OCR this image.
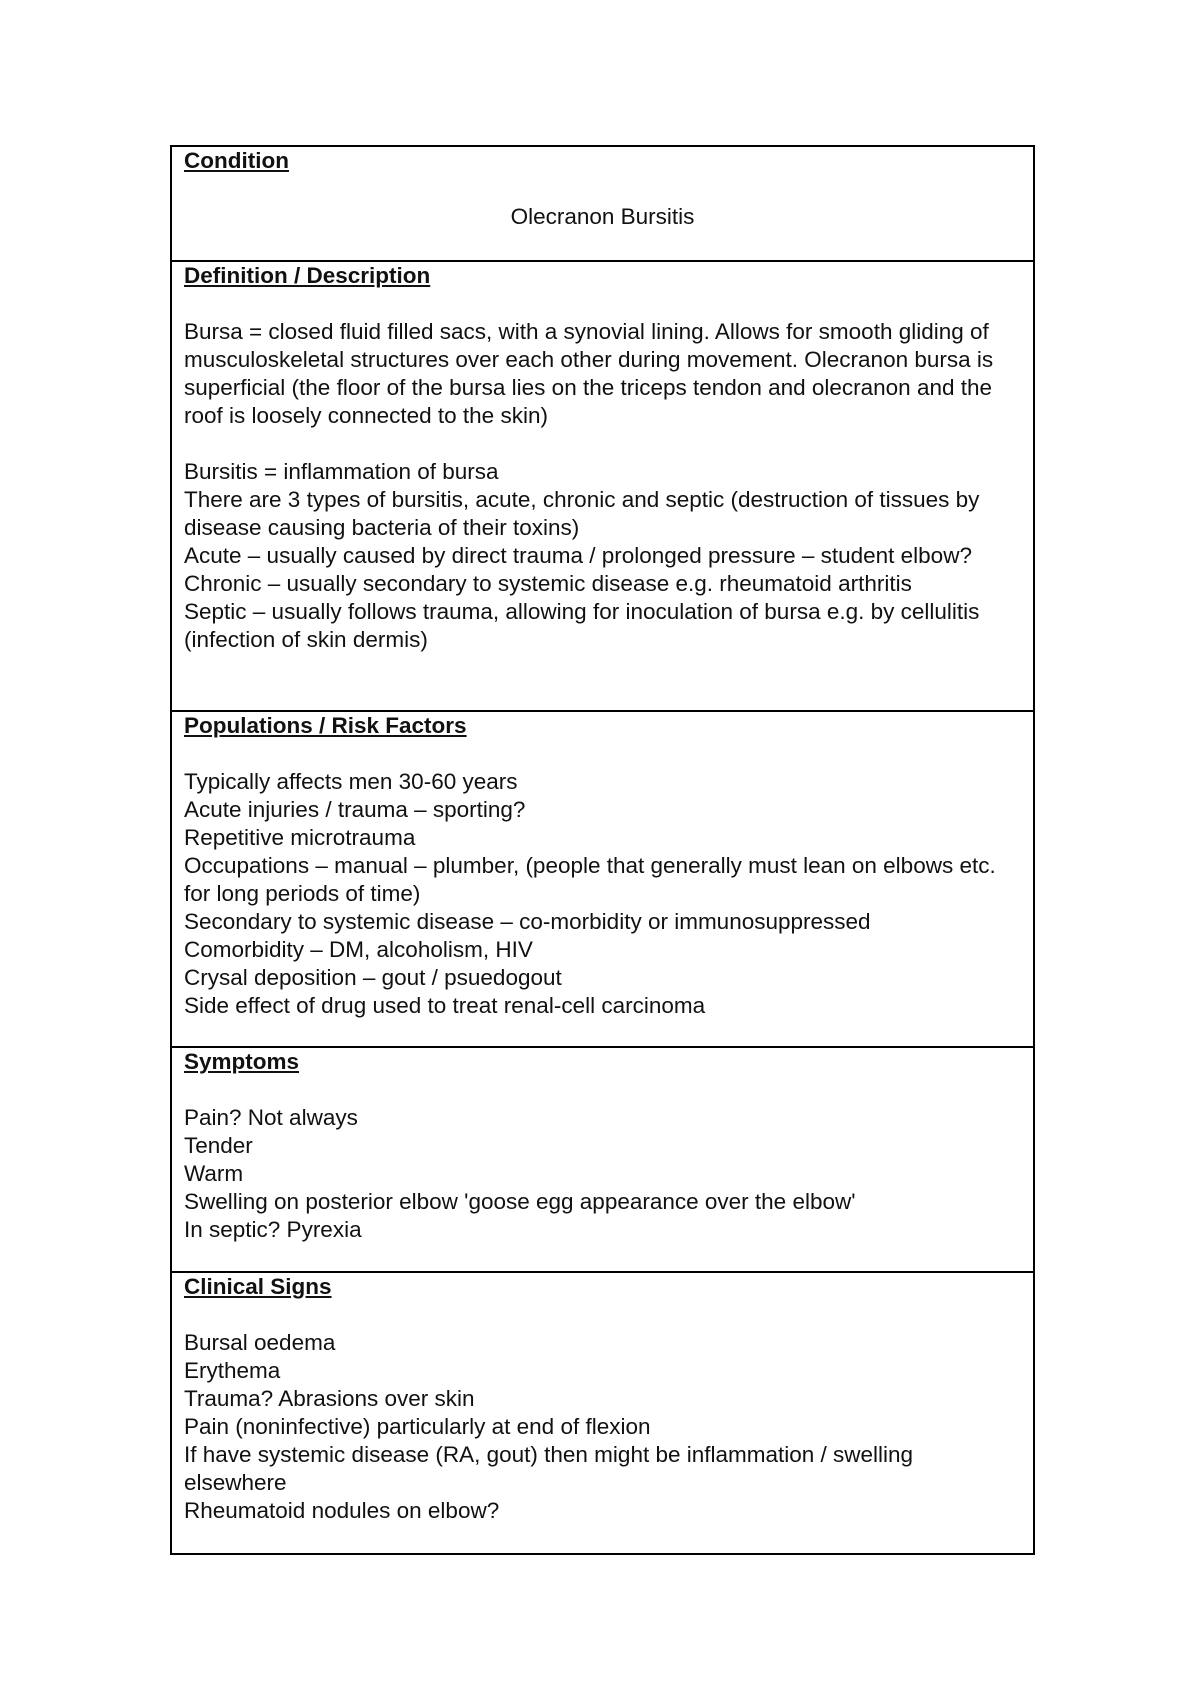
Condition
Olecranon Bursitis
Definition / Description
Bursa = closed fluid filled sacs, with a synovial lining. Allows for smooth gliding of musculoskeletal structures over each other during movement. Olecranon bursa is superficial (the floor of the bursa lies on the triceps tendon and olecranon and the roof is loosely connected to the skin)
Bursitis = inflammation of bursa
There are 3 types of bursitis, acute, chronic and septic (destruction of tissues by disease causing bacteria of their toxins)
Acute – usually caused by direct trauma / prolonged pressure – student elbow?
Chronic – usually secondary to systemic disease e.g. rheumatoid arthritis
Septic – usually follows trauma, allowing for inoculation of bursa e.g. by cellulitis (infection of skin dermis)
Populations / Risk Factors
Typically affects men 30-60 years
Acute injuries / trauma – sporting?
Repetitive microtrauma
Occupations – manual – plumber, (people that generally must lean on elbows etc. for long periods of time)
Secondary to systemic disease – co-morbidity or immunosuppressed
Comorbidity – DM, alcoholism, HIV
Crysal deposition – gout / psuedogout
Side effect of drug used to treat renal-cell carcinoma
Symptoms
Pain? Not always
Tender
Warm
Swelling on posterior elbow 'goose egg appearance over the elbow'
In septic? Pyrexia
Clinical Signs
Bursal oedema
Erythema
Trauma? Abrasions over skin
Pain (noninfective) particularly at end of flexion
If have systemic disease (RA, gout) then might be inflammation / swelling elsewhere
Rheumatoid nodules on elbow?
